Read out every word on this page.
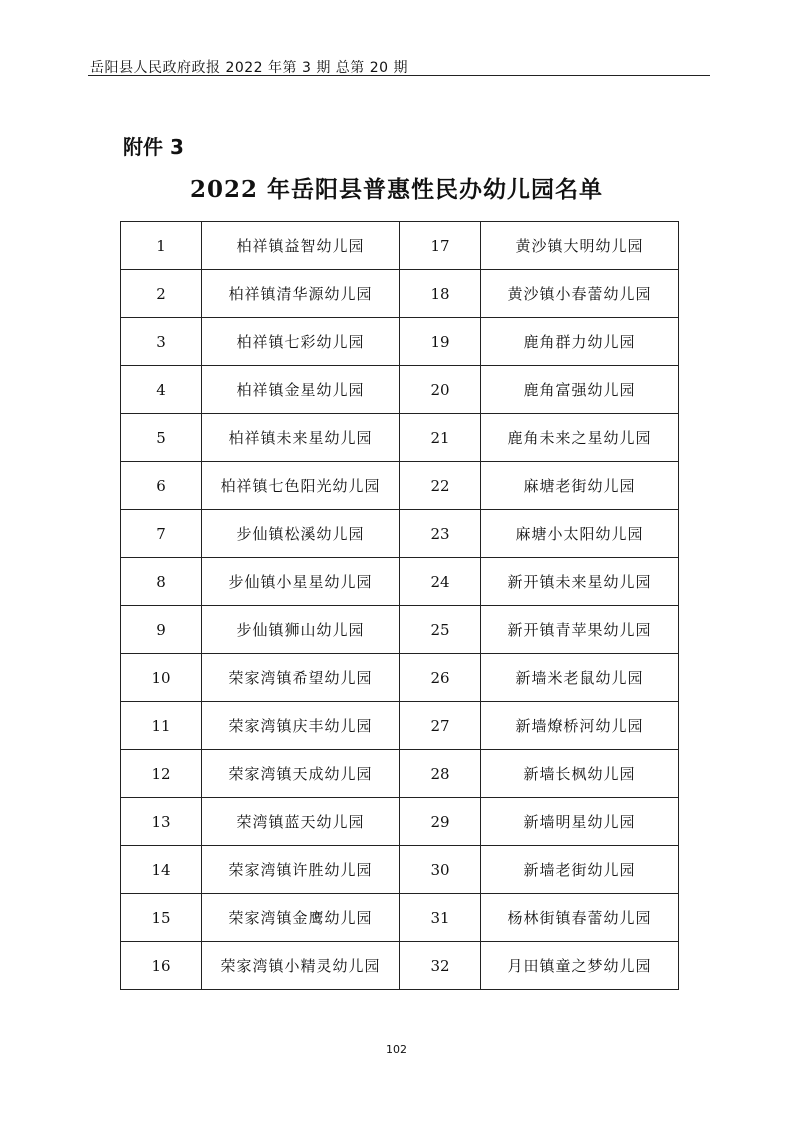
岳阳县人民政府政报 2022 年第 3 期 总第 20 期
附件 3
2022 年岳阳县普惠性民办幼儿园名单
1	柏祥镇益智幼儿园	17	黄沙镇大明幼儿园
2	柏祥镇清华源幼儿园	18	黄沙镇小春蕾幼儿园
3	柏祥镇七彩幼儿园	19	鹿角群力幼儿园
4	柏祥镇金星幼儿园	20	鹿角富强幼儿园
5	柏祥镇未来星幼儿园	21	鹿角未来之星幼儿园
6	柏祥镇七色阳光幼儿园	22	麻塘老街幼儿园
7	步仙镇松溪幼儿园	23	麻塘小太阳幼儿园
8	步仙镇小星星幼儿园	24	新开镇未来星幼儿园
9	步仙镇狮山幼儿园	25	新开镇青苹果幼儿园
10	荣家湾镇希望幼儿园	26	新墙米老鼠幼儿园
11	荣家湾镇庆丰幼儿园	27	新墙燎桥河幼儿园
12	荣家湾镇天成幼儿园	28	新墙长枫幼儿园
13	荣湾镇蓝天幼儿园	29	新墙明星幼儿园
14	荣家湾镇许胜幼儿园	30	新墙老街幼儿园
15	荣家湾镇金鹰幼儿园	31	杨林街镇春蕾幼儿园
16	荣家湾镇小精灵幼儿园	32	月田镇童之梦幼儿园
102
